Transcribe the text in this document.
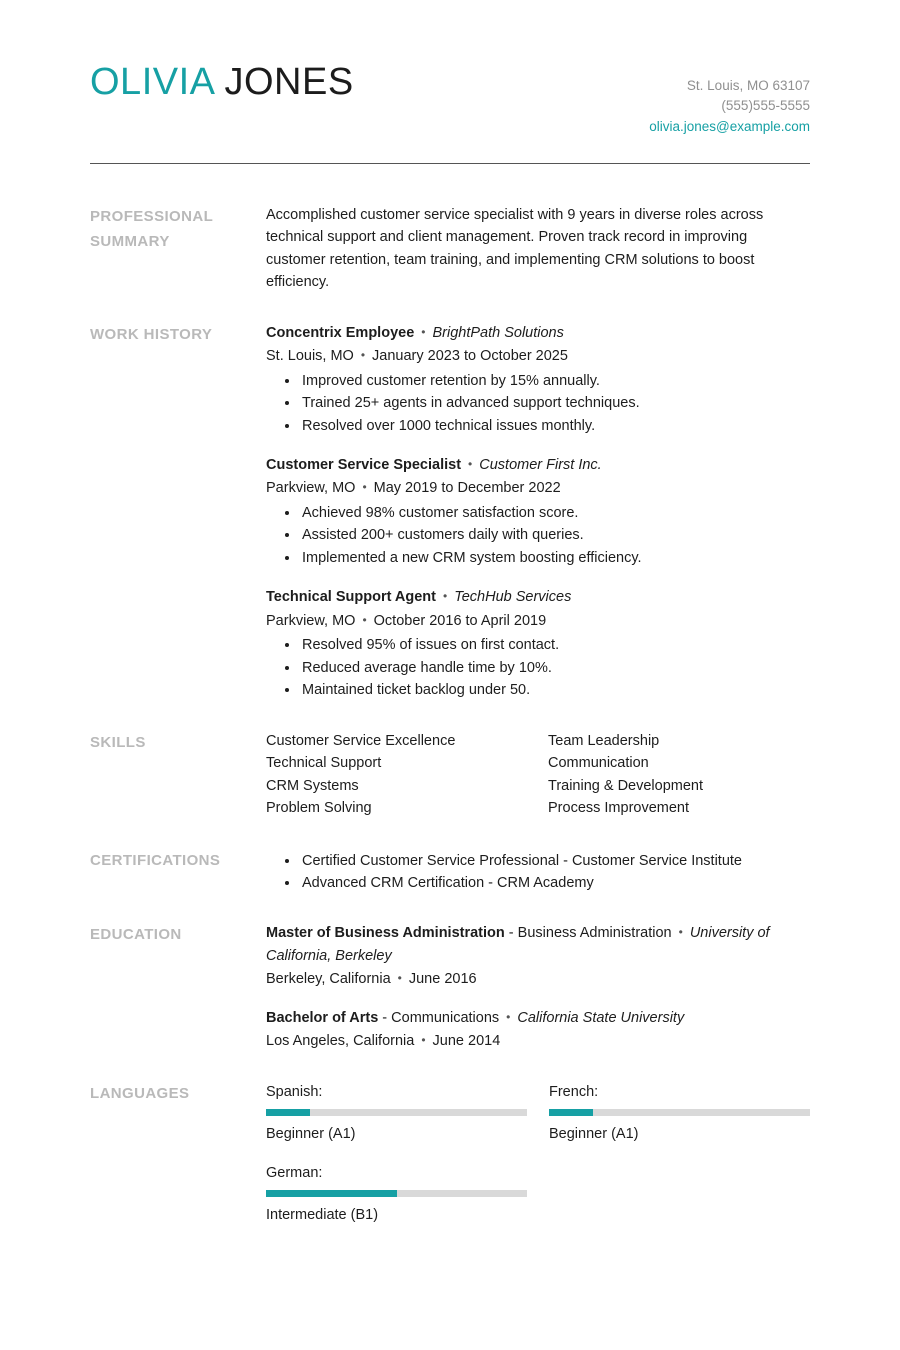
OLIVIA JONES	St. Louis, MO 63107
(555)555-5555
olivia.jones@example.com
PROFESSIONAL SUMMARY

Accomplished customer service specialist with 9 years in diverse roles across technical support and client management. Proven track record in improving customer retention, team training, and implementing CRM solutions to boost efficiency.

WORK HISTORY	Concentrix Employee • BrightPath Solutions
St. Louis, MO • January 2023 to October 2025
• Improved customer retention by 15% annually.
• Trained 25+ agents in advanced support techniques.
• Resolved over 1000 technical issues monthly.
Customer Service Specialist • Customer First Inc.
Parkview, MO • May 2019 to December 2022
• Achieved 98% customer satisfaction score.
• Assisted 200+ customers daily with queries.
• Implemented a new CRM system boosting efficiency.
Technical Support Agent • TechHub Services
Parkview, MO • October 2016 to April 2019
• Resolved 95% of issues on first contact.
• Reduced average handle time by 10%.
• Maintained ticket backlog under 50.
SKILLS	Customer Service Excellence
Technical Support
CRM Systems
Problem Solving
Team Leadership
Communication
Training & Development
Process Improvement
CERTIFICATIONS	• Certified Customer Service Professional - Customer Service Institute
• Advanced CRM Certification - CRM Academy
EDUCATION	Master of Business Administration - Business Administration • University of California, Berkeley
Berkeley, California • June 2016
Bachelor of Arts - Communications • California State University
Los Angeles, California • June 2014
LANGUAGES	Spanish:
Beginner (A1)
French:
Beginner (A1)
German:
Intermediate (B1)
